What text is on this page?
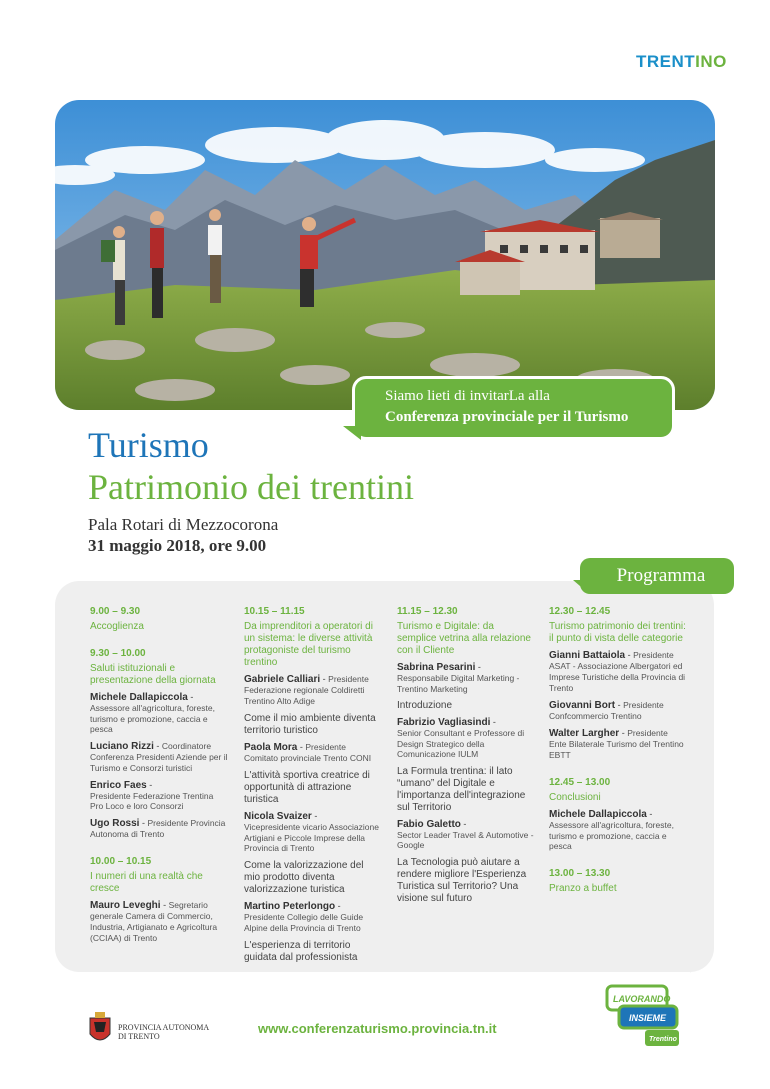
TRENTINO
Siamo lieti di invitarLa alla
Conferenza provinciale per il Turismo
Turismo
Patrimonio dei trentini
Pala Rotari di Mezzocorona
31 maggio 2018, ore 9.00
Programma
9.00 – 9.30
Accoglienza
9.30 – 10.00
Saluti istituzionali e presentazione della giornata
Michele Dallapiccola -
Assessore all'agricoltura, foreste, turismo e promozione, caccia e pesca
Luciano Rizzi - Coordinatore Conferenza Presidenti Aziende per il Turismo e Consorzi turistici
Enrico Faes -
Presidente Federazione Trentina Pro Loco e loro Consorzi
Ugo Rossi - Presidente Provincia Autonoma di Trento
10.00 – 10.15
I numeri di una realtà che cresce
Mauro Leveghi - Segretario generale Camera di Commercio, Industria, Artigianato e Agricoltura (CCIAA) di Trento
10.15 – 11.15
Da imprenditori a operatori di un sistema: le diverse attività protagoniste del turismo trentino
Gabriele Calliari - Presidente Federazione regionale Coldiretti Trentino Alto Adige
Come il mio ambiente diventa territorio turistico
Paola Mora - Presidente Comitato provinciale Trento CONI
L'attività sportiva creatrice di opportunità di attrazione turistica
Nicola Svaizer -
Vicepresidente vicario Associazione Artigiani e Piccole Imprese della Provincia di Trento
Come la valorizzazione del mio prodotto diventa valorizzazione turistica
Martino Peterlongo - Presidente Collegio delle Guide Alpine della Provincia di Trento
L'esperienza di territorio guidata dal professionista
11.15 – 12.30
Turismo e Digitale: da semplice vetrina alla relazione con il Cliente
Sabrina Pesarini -
Responsabile Digital Marketing - Trentino Marketing
Introduzione
Fabrizio Vagliasindi -
Senior Consultant e Professore di Design Strategico della Comunicazione IULM
La Formula trentina: il lato “umano” del Digitale e l'importanza dell'integrazione sul Territorio
Fabio Galetto -
Sector Leader Travel & Automotive - Google
La Tecnologia può aiutare a rendere migliore l'Esperienza Turistica sul Territorio? Una visione sul futuro
12.30 – 12.45
Turismo patrimonio dei trentini: il punto di vista delle categorie
Gianni Battaiola - Presidente ASAT - Associazione Albergatori ed Imprese Turistiche della Provincia di Trento
Giovanni Bort - Presidente Confcommercio Trentino
Walter Largher - Presidente Ente Bilaterale Turismo del Trentino EBTT
12.45 – 13.00
Conclusioni
Michele Dallapiccola -
Assessore all'agricoltura, foreste, turismo e promozione, caccia e pesca
13.00 – 13.30
Pranzo a buffet
PROVINCIA AUTONOMA
DI TRENTO
www.conferenzaturismo.provincia.tn.it
LAVORANDO
INSIEME
Trentino
